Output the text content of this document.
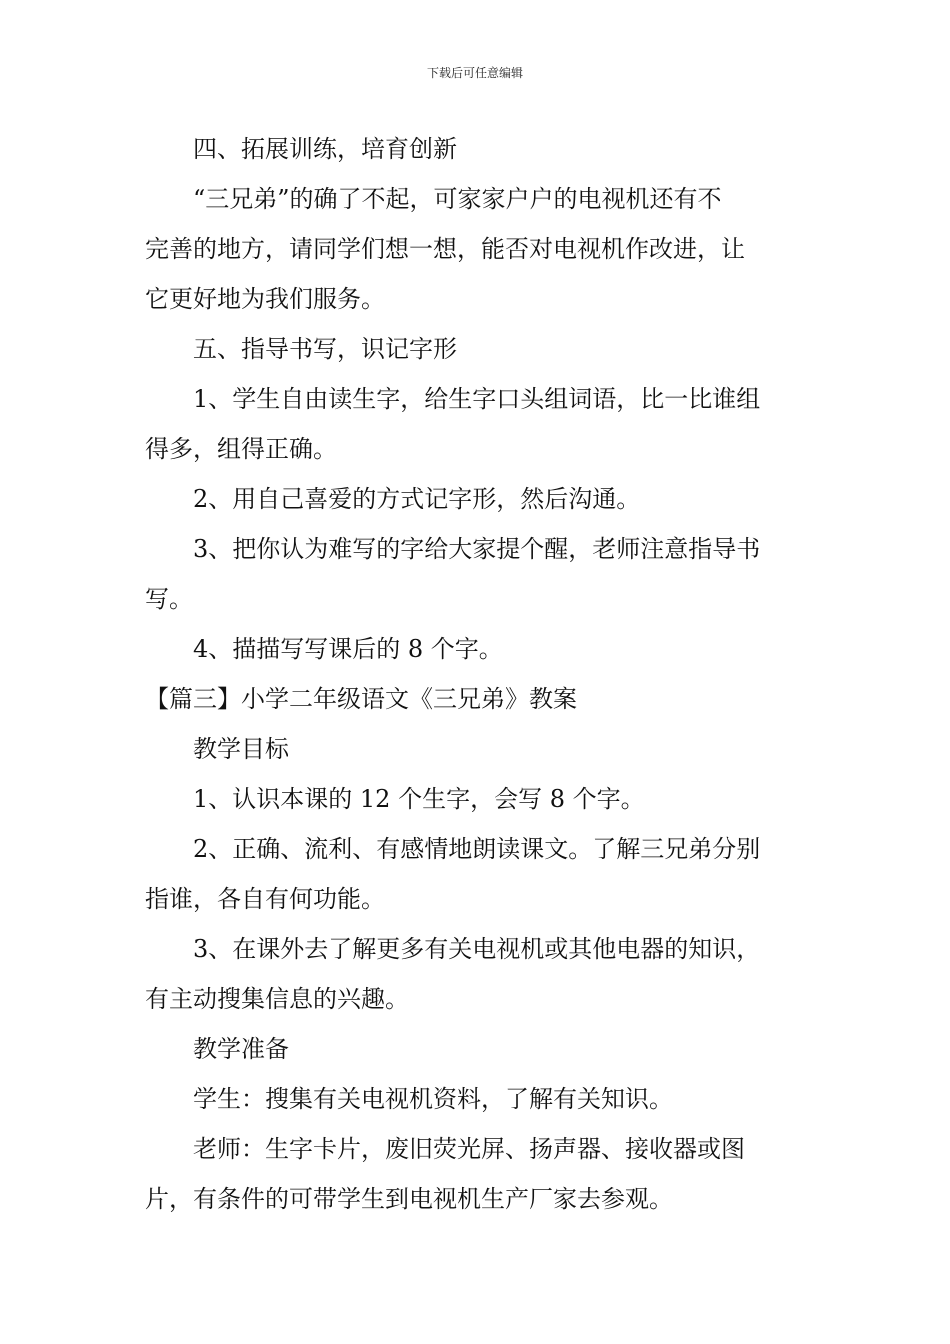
下载后可任意编辑

四、拓展训练，培育创新

“三兄弟”的确了不起，可家家户户的电视机还有不
完善的地方，请同学们想一想，能否对电视机作改进，让
它更好地为我们服务。

五、指导书写，识记字形

1、学生自由读生字，给生字口头组词语，比一比谁组
得多，组得正确。

2、用自己喜爱的方式记字形，然后沟通。

3、把你认为难写的字给大家提个醒，老师注意指导书
写。

4、描描写写课后的 8 个字。

【篇三】小学二年级语文《三兄弟》教案

教学目标

1、认识本课的 12 个生字，会写 8 个字。

2、正确、流利、有感情地朗读课文。了解三兄弟分别
指谁，各自有何功能。

3、在课外去了解更多有关电视机或其他电器的知识，
有主动搜集信息的兴趣。

教学准备

学生：搜集有关电视机资料，了解有关知识。

老师：生字卡片，废旧荧光屏、扬声器、接收器或图
片，有条件的可带学生到电视机生产厂家去参观。
